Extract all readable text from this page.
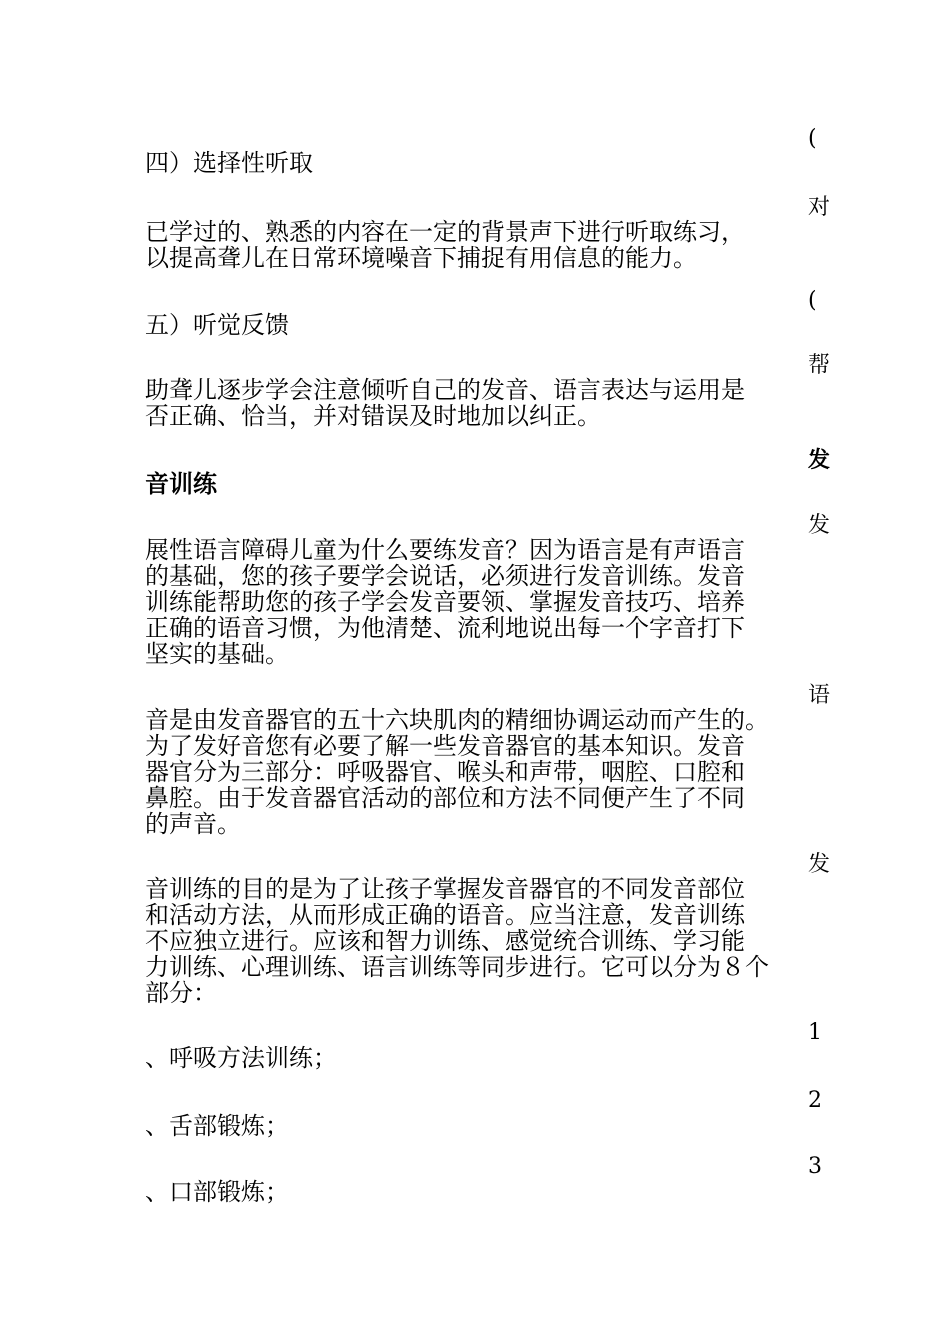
四）选择性听取
已学过的、熟悉的内容在一定的背景声下进行听取练习，
以提高聋儿在日常环境噪音下捕捉有用信息的能力。
五）听觉反馈
助聋儿逐步学会注意倾听自己的发音、语言表达与运用是
否正确、恰当，并对错误及时地加以纠正。
音训练
展性语言障碍儿童为什么要练发音？因为语言是有声语言
的基础，您的孩子要学会说话，必须进行发音训练。发音
训练能帮助您的孩子学会发音要领、掌握发音技巧、培养
正确的语音习惯，为他清楚、流利地说出每一个字音打下
坚实的基础。
音是由发音器官的五十六块肌肉的精细协调运动而产生的。
为了发好音您有必要了解一些发音器官的基本知识。发音
器官分为三部分：呼吸器官、喉头和声带，咽腔、口腔和
鼻腔。由于发音器官活动的部位和方法不同便产生了不同
的声音。
音训练的目的是为了让孩子掌握发音器官的不同发音部位
和活动方法，从而形成正确的语音。应当注意，发音训练
不应独立进行。应该和智力训练、感觉统合训练、学习能
力训练、心理训练、语言训练等同步进行。它可以分为８个
部分：
、呼吸方法训练；
、舌部锻炼；
、口部锻炼；
(
对
(
帮
发
发
语
发
1
2
3
